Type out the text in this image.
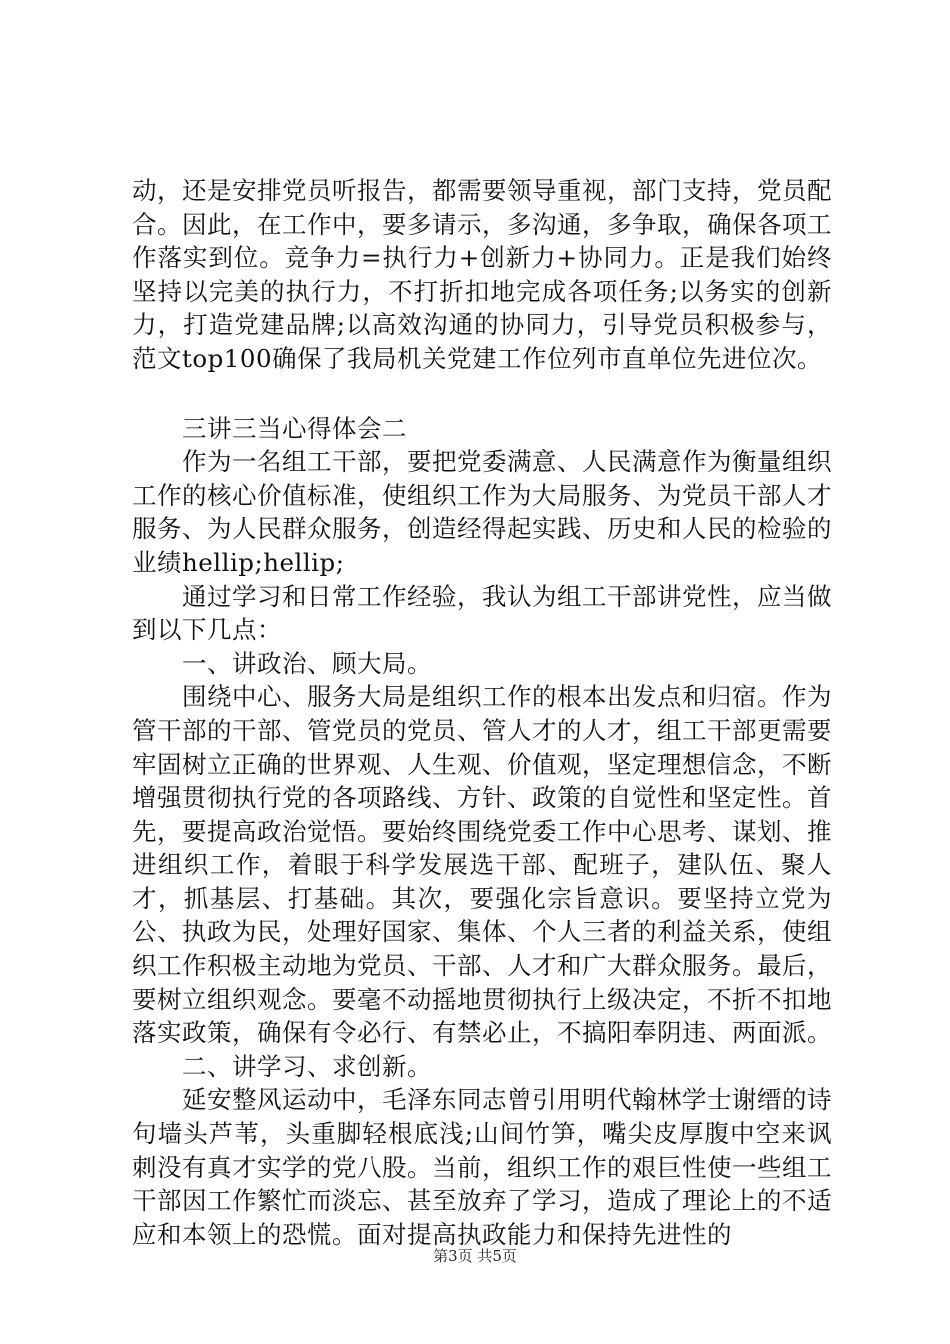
动，还是安排党员听报告，都需要领导重视，部门支持，党员配合。因此，在工作中，要多请示，多沟通，多争取，确保各项工作落实到位。竞争力=执行力+创新力+协同力。正是我们始终坚持以完美的执行力，不打折扣地完成各项任务;以务实的创新力，打造党建品牌;以高效沟通的协同力，引导党员积极参与，范文top100确保了我局机关党建工作位列市直单位先进位次。

三讲三当心得体会二

作为一名组工干部，要把党委满意、人民满意作为衡量组织工作的核心价值标准，使组织工作为大局服务、为党员干部人才服务、为人民群众服务，创造经得起实践、历史和人民的检验的业绩hellip;hellip;

通过学习和日常工作经验，我认为组工干部讲党性，应当做到以下几点：

一、讲政治、顾大局。

围绕中心、服务大局是组织工作的根本出发点和归宿。作为管干部的干部、管党员的党员、管人才的人才，组工干部更需要牢固树立正确的世界观、人生观、价值观，坚定理想信念，不断增强贯彻执行党的各项路线、方针、政策的自觉性和坚定性。首先，要提高政治觉悟。要始终围绕党委工作中心思考、谋划、推进组织工作，着眼于科学发展选干部、配班子，建队伍、聚人才，抓基层、打基础。其次，要强化宗旨意识。要坚持立党为公、执政为民，处理好国家、集体、个人三者的利益关系，使组织工作积极主动地为党员、干部、人才和广大群众服务。最后，要树立组织观念。要毫不动摇地贯彻执行上级决定，不折不扣地落实政策，确保有令必行、有禁必止，不搞阳奉阴违、两面派。

二、讲学习、求创新。

延安整风运动中，毛泽东同志曾引用明代翰林学士谢缙的诗句墙头芦苇，头重脚轻根底浅;山间竹笋，嘴尖皮厚腹中空来讽刺没有真才实学的党八股。当前，组织工作的艰巨性使一些组工干部因工作繁忙而淡忘、甚至放弃了学习，造成了理论上的不适应和本领上的恐慌。面对提高执政能力和保持先进性的

第3页 共5页
